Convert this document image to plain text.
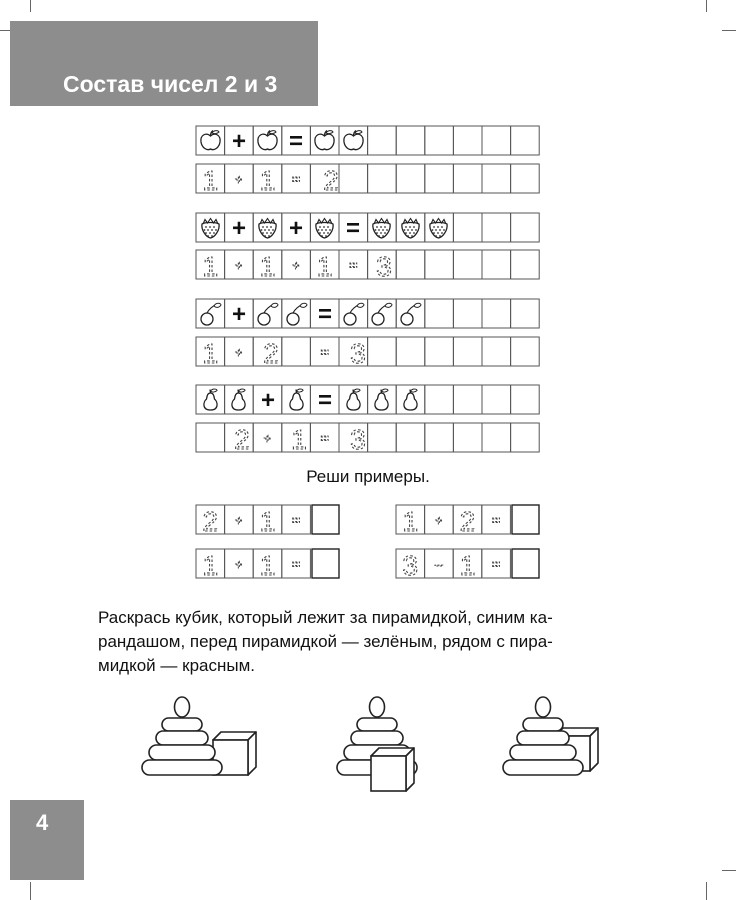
Состав чисел 2 и 3
+ =
1 + 1 = 2
+ + =
1 + 1 + 1 = 3
+	=
1 + 2	= 3
+ =
2 + 1 = 3
Реши примеры.
2 + 1 =	1 + 2 =
1 + 1 =	3 – 1 =

Раскрась кубик, который лежит за пирамидкой, синим ка-

рандашом, перед пирамидкой — зелёным, рядом с пира-

мидкой — красным.

4
